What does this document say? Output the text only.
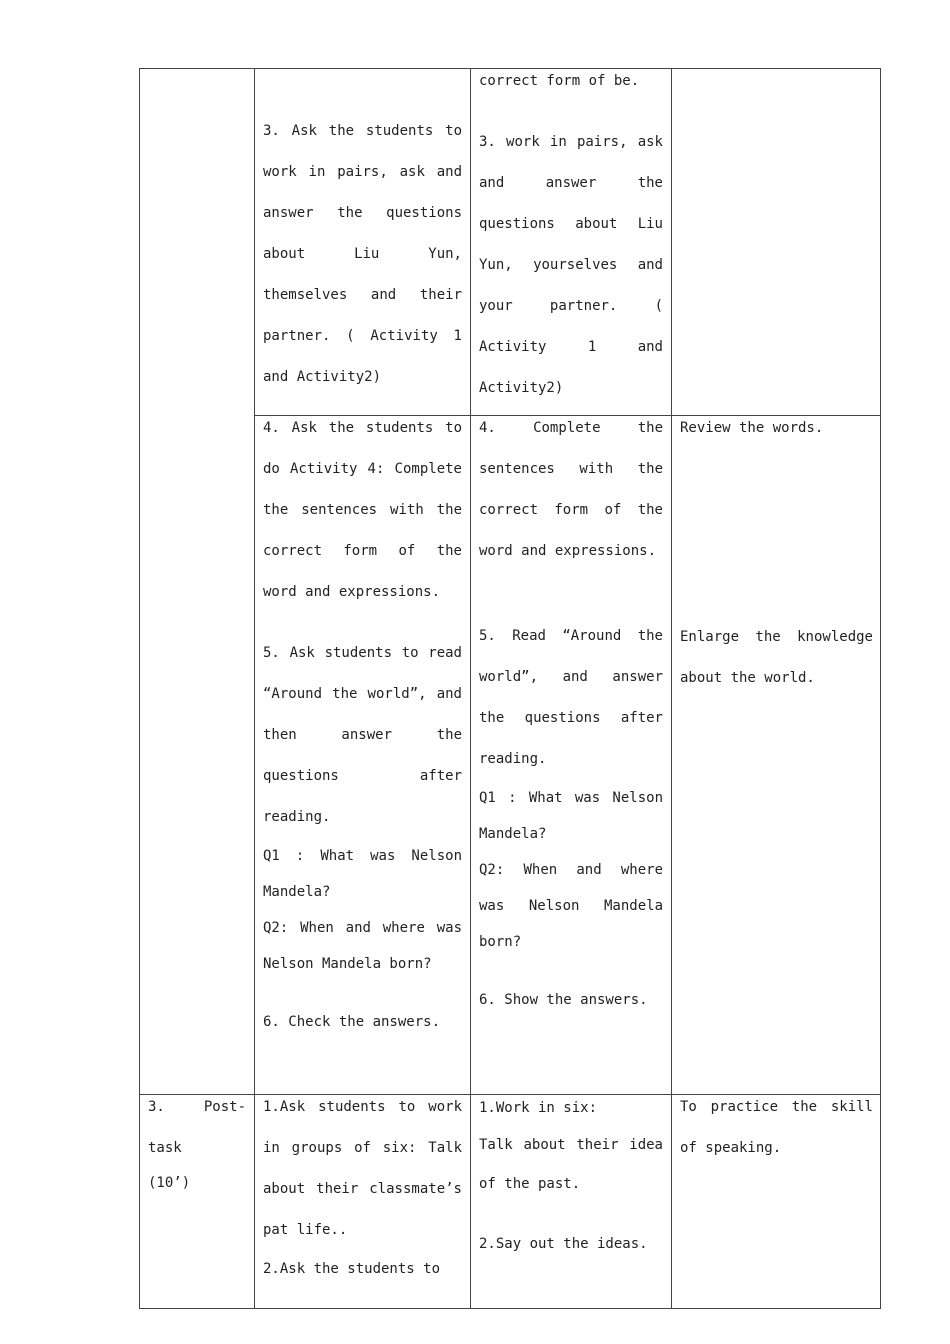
3. Ask the students to work in pairs, ask and answer the questions about Liu Yun, themselves and their partner. ( Activity 1 and Activity2)

correct form of be.

3. work in pairs, ask and answer the questions about Liu Yun, yourselves and your partner. ( Activity 1 and Activity2)

4. Ask the students to do Activity 4: Complete the sentences with the correct form of the word and expressions.

5. Ask students to read “Around the world”, and then answer the questions after reading.

Q1 : What was Nelson Mandela?

Q2: When and where was Nelson Mandela born?

6. Check the answers.

4. Complete the sentences with the correct form of the word and expressions.

5. Read “Around the world”, and answer the questions after reading.

Q1 : What was Nelson Mandela?

Q2: When and where was Nelson Mandela born?

6. Show the answers.

Review the words.

Enlarge the knowledge about the world.

3. Post-task

(10’)

1.Ask students to work in groups of six: Talk about their classmate’s pat life..

2.Ask the students to

1.Work in six:

Talk about their idea of the past.

2.Say out the ideas.

To practice the skill of speaking.
